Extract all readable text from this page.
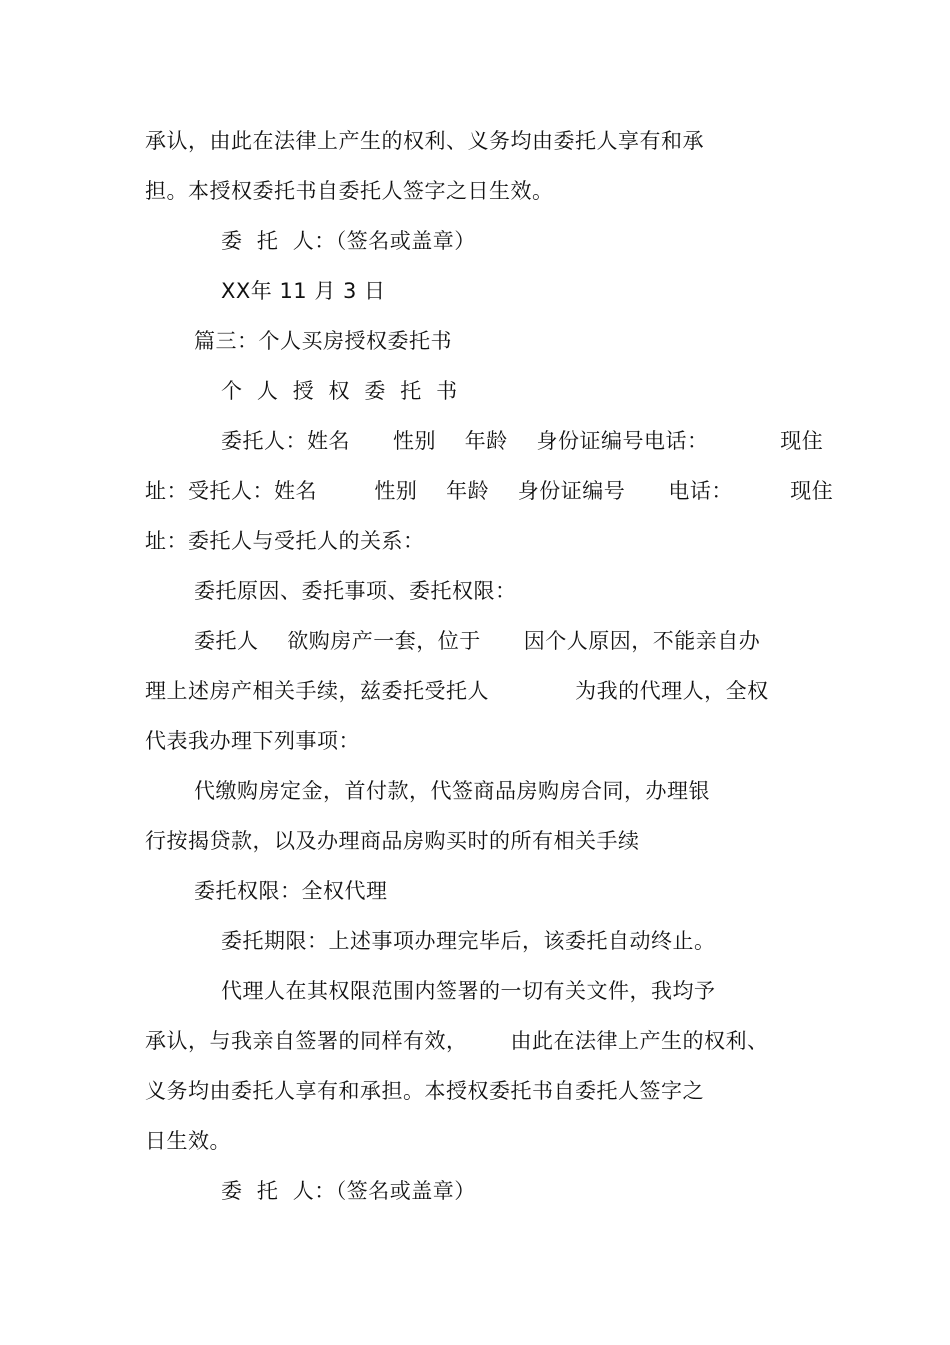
承认，由此在法律上产生的权利、义务均由委托人享有和承
担。本授权委托书自委托人签字之日生效。
委  托  人：（签名或盖章）
XX年 11 月 3 日
篇三：个人买房授权委托书
个  人  授  权  委  托  书
委托人：姓名      性别    年龄    身份证编号电话：          现住
址：受托人：姓名        性别    年龄    身份证编号      电话：        现住
址：委托人与受托人的关系：
委托原因、委托事项、委托权限：
委托人    欲购房产一套，位于      因个人原因，不能亲自办
理上述房产相关手续，兹委托受托人            为我的代理人，全权
代表我办理下列事项：
代缴购房定金，首付款，代签商品房购房合同，办理银
行按揭贷款，以及办理商品房购买时的所有相关手续
委托权限：全权代理
委托期限：上述事项办理完毕后，该委托自动终止。
代理人在其权限范围内签署的一切有关文件，我均予
承认，与我亲自签署的同样有效，      由此在法律上产生的权利、
义务均由委托人享有和承担。本授权委托书自委托人签字之
日生效。
委  托  人：（签名或盖章）
